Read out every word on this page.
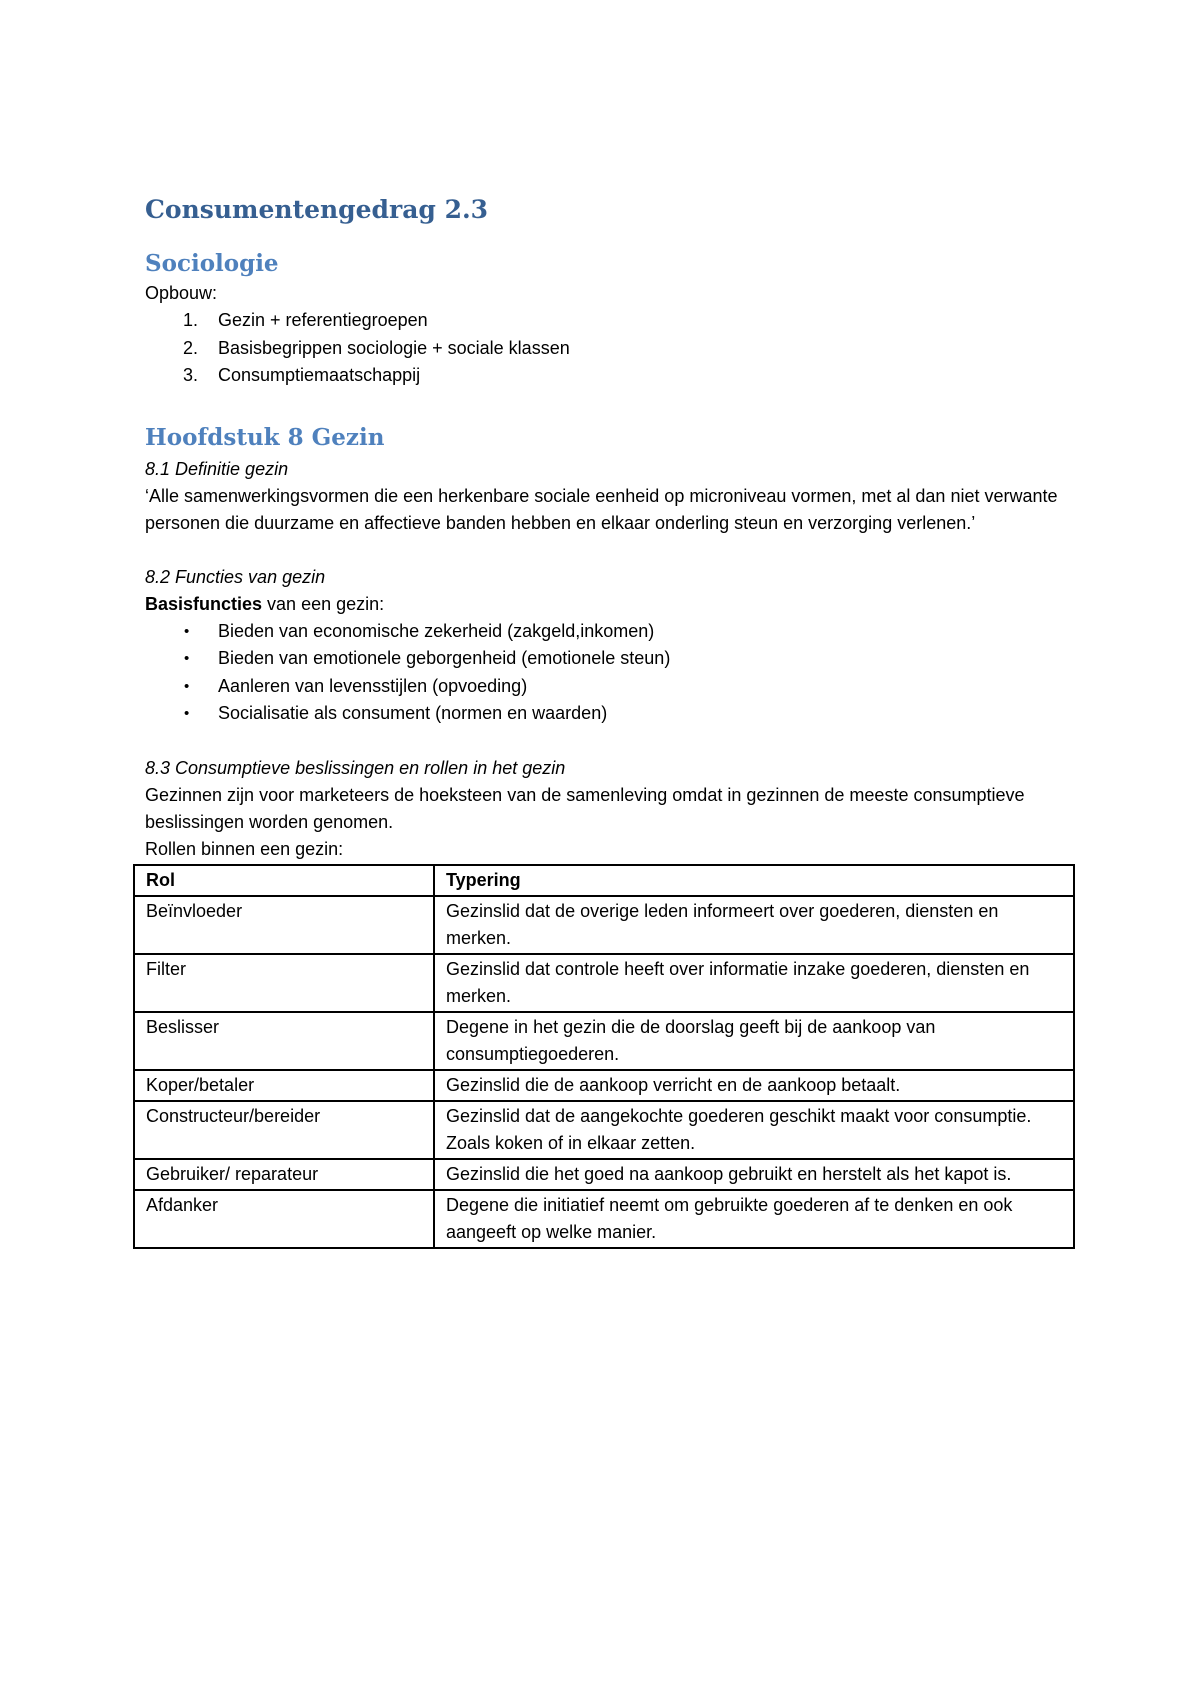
Consumentengedrag 2.3
Sociologie

Opbouw:

1. Gezin + referentiegroepen
2. Basisbegrippen sociologie + sociale klassen
3. Consumptiemaatschappij
Hoofdstuk 8 Gezin

8.1 Definitie gezin

‘Alle samenwerkingsvormen die een herkenbare sociale eenheid op microniveau vormen, met al dan niet verwante personen die duurzame en affectieve banden hebben en elkaar onderling steun en verzorging verlenen.’

8.2 Functies van gezin

Basisfuncties van een gezin:

• Bieden van economische zekerheid (zakgeld,inkomen)
• Bieden van emotionele geborgenheid (emotionele steun)
• Aanleren van levensstijlen (opvoeding)
• Socialisatie als consument (normen en waarden)

8.3 Consumptieve beslissingen en rollen in het gezin

Gezinnen zijn voor marketeers de hoeksteen van de samenleving omdat in gezinnen de meeste consumptieve beslissingen worden genomen.

Rollen binnen een gezin:

Rol	Typering
Beïnvloeder	Gezinslid dat de overige leden informeert over goederen, diensten en merken.
Filter	Gezinslid dat controle heeft over informatie inzake goederen, diensten en merken.
Beslisser	Degene in het gezin die de doorslag geeft bij de aankoop van consumptiegoederen.
Koper/betaler	Gezinslid die de aankoop verricht en de aankoop betaalt.
Constructeur/bereider	Gezinslid dat de aangekochte goederen geschikt maakt voor consumptie. Zoals koken of in elkaar zetten.
Gebruiker/ reparateur	Gezinslid die het goed na aankoop gebruikt en herstelt als het kapot is.
Afdanker	Degene die initiatief neemt om gebruikte goederen af te denken en ook aangeeft op welke manier.
